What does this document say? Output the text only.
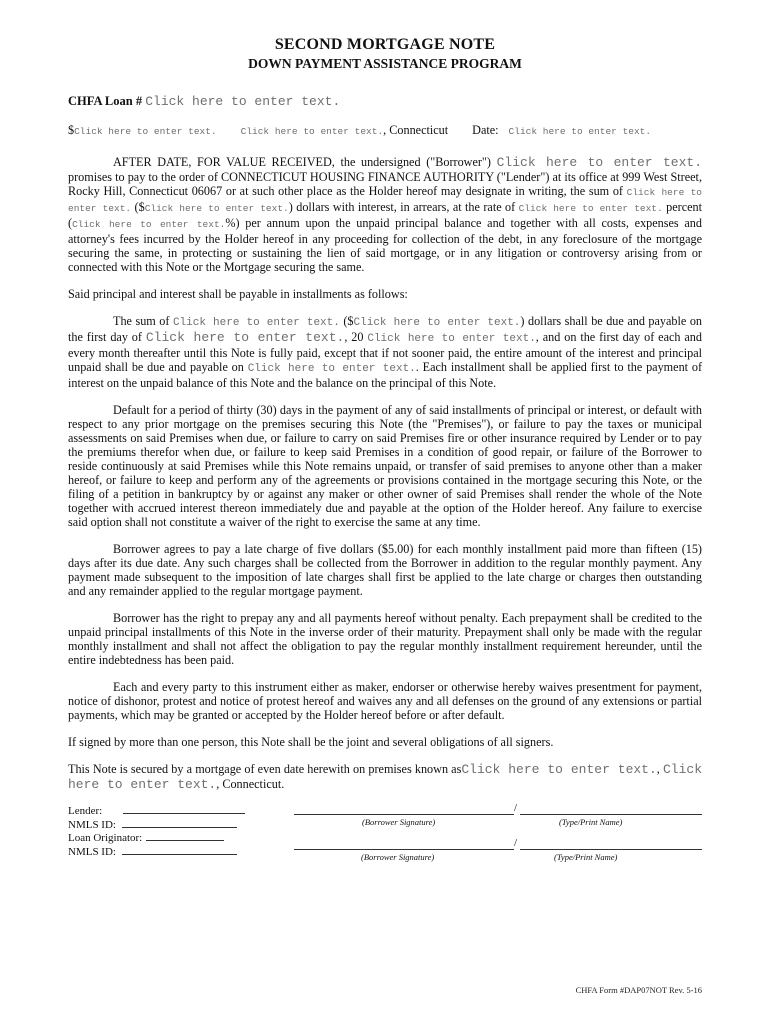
SECOND MORTGAGE NOTE
DOWN PAYMENT ASSISTANCE PROGRAM
CHFA Loan # Click here to enter text.
$ Click here to enter text.	Click here to enter text. , Connecticut Date: Click here to enter text.

AFTER DATE, FOR VALUE RECEIVED, the undersigned ("Borrower") Click here to enter text. promises to pay to the order of CONNECTICUT HOUSING FINANCE AUTHORITY ("Lender") at its office at 999 West Street, Rocky Hill, Connecticut 06067 or at such other place as the Holder hereof may designate in writing, the sum of Click here to enter text. ($Click here to enter text.) dollars with interest, in arrears, at the rate of Click here to enter text. percent (Click here to enter text.%) per annum upon the unpaid principal balance and together with all costs, expenses and attorney's fees incurred by the Holder hereof in any proceeding for collection of the debt, in any foreclosure of the mortgage securing the same, in protecting or sustaining the lien of said mortgage, or in any litigation or controversy arising from or connected with this Note or the Mortgage securing the same.

Said principal and interest shall be payable in installments as follows:

The sum of Click here to enter text. ($Click here to enter text.) dollars shall be due and payable on the first day of Click here to enter text., 20 Click here to enter text., and on the first day of each and every month thereafter until this Note is fully paid, except that if not sooner paid, the entire amount of the interest and principal unpaid shall be due and payable on Click here to enter text.. Each installment shall be applied first to the payment of interest on the unpaid balance of this Note and the balance on the principal of this Note.

Default for a period of thirty (30) days in the payment of any of said installments of principal or interest, or default with respect to any prior mortgage on the premises securing this Note (the "Premises"), or failure to pay the taxes or municipal assessments on said Premises when due, or failure to carry on said Premises fire or other insurance required by Lender or to pay the premiums therefor when due, or failure to keep said Premises in a condition of good repair, or failure of the Borrower to reside continuously at said Premises while this Note remains unpaid, or transfer of said premises to anyone other than a maker hereof, or failure to keep and perform any of the agreements or provisions contained in the mortgage securing this Note, or the filing of a petition in bankruptcy by or against any maker or other owner of said Premises shall render the whole of the Note together with accrued interest thereon immediately due and payable at the option of the Holder hereof. Any failure to exercise said option shall not constitute a waiver of the right to exercise the same at any time.

Borrower agrees to pay a late charge of five dollars ($5.00) for each monthly installment paid more than fifteen (15) days after its due date. Any such charges shall be collected from the Borrower in addition to the regular monthly payment. Any payment made subsequent to the imposition of late charges shall first be applied to the late charge or charges then outstanding and any remainder applied to the regular mortgage payment.

Borrower has the right to prepay any and all payments hereof without penalty. Each prepayment shall be credited to the unpaid principal installments of this Note in the inverse order of their maturity. Prepayment shall only be made with the regular monthly installment and shall not affect the obligation to pay the regular monthly installment requirement hereunder, until the entire indebtedness has been paid.

Each and every party to this instrument either as maker, endorser or otherwise hereby waives presentment for payment, notice of dishonor, protest and notice of protest hereof and waives any and all defenses on the ground of any extensions or partial payments, which may be granted or accepted by the Holder hereof before or after default.

If signed by more than one person, this Note shall be the joint and several obligations of all signers.

This Note is secured by a mortgage of even date herewith on premises known asClick here to enter text., Click here to enter text., Connecticut.

Lender:
NMLS ID:
Loan Originator:
NMLS ID:
/
(Borrower Signature)	(Type/Print Name)
/
(Borrower Signature)	(Type/Print Name)
CHFA Form #DAP07NOT Rev. 5-16
